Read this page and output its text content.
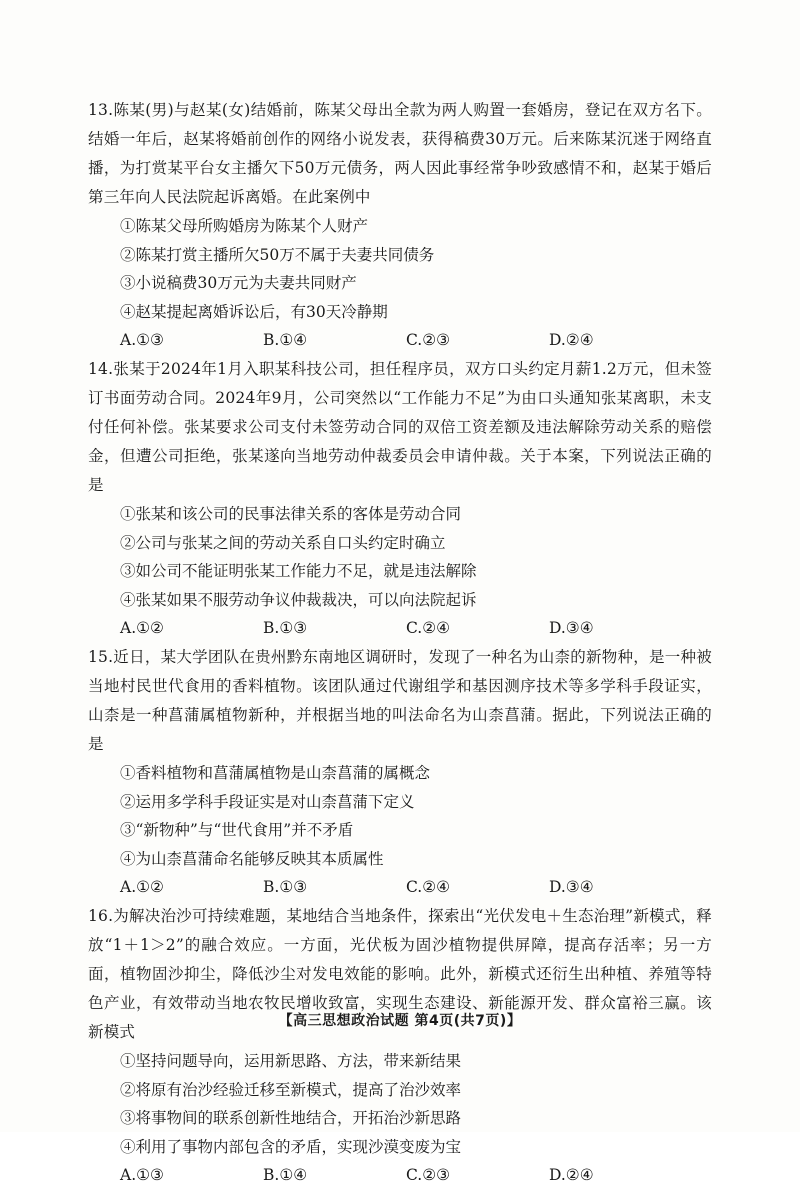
13.陈某(男)与赵某(女)结婚前，陈某父母出全款为两人购置一套婚房，登记在双方名下。结婚一年后，赵某将婚前创作的网络小说发表，获得稿费30万元。后来陈某沉迷于网络直播，为打赏某平台女主播欠下50万元债务，两人因此事经常争吵致感情不和，赵某于婚后第三年向人民法院起诉离婚。在此案例中

①陈某父母所购婚房为陈某个人财产

②陈某打赏主播所欠50万不属于夫妻共同债务

③小说稿费30万元为夫妻共同财产

④赵某提起离婚诉讼后，有30天冷静期

A.①③	B.①④	C.②③	D.②④

14.张某于2024年1月入职某科技公司，担任程序员，双方口头约定月薪1.2万元，但未签订书面劳动合同。2024年9月，公司突然以“工作能力不足”为由口头通知张某离职，未支付任何补偿。张某要求公司支付未签劳动合同的双倍工资差额及违法解除劳动关系的赔偿金，但遭公司拒绝，张某遂向当地劳动仲裁委员会申请仲裁。关于本案，下列说法正确的是

①张某和该公司的民事法律关系的客体是劳动合同

②公司与张某之间的劳动关系自口头约定时确立

③如公司不能证明张某工作能力不足，就是违法解除

④张某如果不服劳动争议仲裁裁决，可以向法院起诉

A.①②	B.①③	C.②④	D.③④

15.近日，某大学团队在贵州黔东南地区调研时，发现了一种名为山柰的新物种，是一种被当地村民世代食用的香料植物。该团队通过代谢组学和基因测序技术等多学科手段证实，山柰是一种菖蒲属植物新种，并根据当地的叫法命名为山柰菖蒲。据此，下列说法正确的是

①香料植物和菖蒲属植物是山柰菖蒲的属概念

②运用多学科手段证实是对山柰菖蒲下定义

③“新物种”与“世代食用”并不矛盾

④为山柰菖蒲命名能够反映其本质属性

A.①②	B.①③	C.②④	D.③④

16.为解决治沙可持续难题，某地结合当地条件，探索出“光伏发电＋生态治理”新模式，释放“1＋1＞2”的融合效应。一方面，光伏板为固沙植物提供屏障，提高存活率；另一方面，植物固沙抑尘，降低沙尘对发电效能的影响。此外，新模式还衍生出种植、养殖等特色产业，有效带动当地农牧民增收致富，实现生态建设、新能源开发、群众富裕三赢。该新模式

①坚持问题导向，运用新思路、方法，带来新结果

②将原有治沙经验迁移至新模式，提高了治沙效率

③将事物间的联系创新性地结合，开拓治沙新思路

④利用了事物内部包含的矛盾，实现沙漠变废为宝

A.①③	B.①④	C.②③	D.②④
【高三思想政治试题 第4页(共7页)】
